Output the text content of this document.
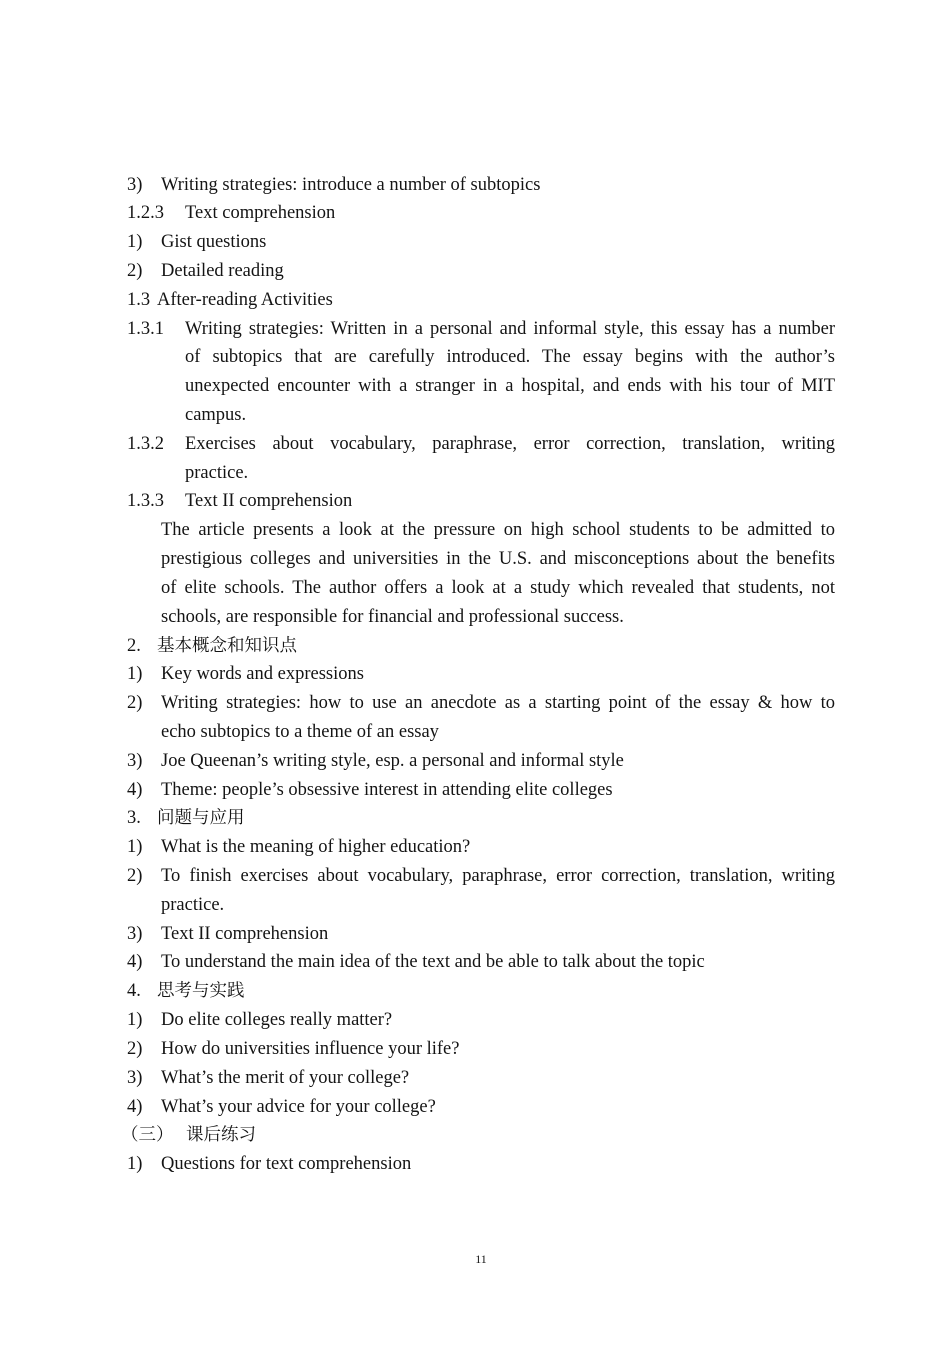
3) Writing strategies: introduce a number of subtopics
1.2.3 Text comprehension
1) Gist questions
2) Detailed reading
1.3 After-reading Activities
1.3.1 Writing strategies: Written in a personal and informal style, this essay has a number
of subtopics that are carefully introduced. The essay begins with the author’s
unexpected encounter with a stranger in a hospital, and ends with his tour of MIT
campus.
1.3.2 Exercises about vocabulary, paraphrase, error correction, translation, writing
practice.
1.3.3 Text II comprehension
The article presents a look at the pressure on high school students to be admitted to
prestigious colleges and universities in the U.S. and misconceptions about the benefits
of elite schools. The author offers a look at a study which revealed that students, not
schools, are responsible for financial and professional success.
2. 基本概念和知识点
1) Key words and expressions
2) Writing strategies: how to use an anecdote as a starting point of the essay & how to
echo subtopics to a theme of an essay
3) Joe Queenan’s writing style, esp. a personal and informal style
4) Theme: people’s obsessive interest in attending elite colleges
3. 问题与应用
1) What is the meaning of higher education?
2) To finish exercises about vocabulary, paraphrase, error correction, translation, writing
practice.
3) Text II comprehension
4) To understand the main idea of the text and be able to talk about the topic
4. 思考与实践
1) Do elite colleges really matter?
2) How do universities influence your life?
3) What’s the merit of your college?
4) What’s your advice for your college?
（三） 课后练习
1) Questions for text comprehension
11
